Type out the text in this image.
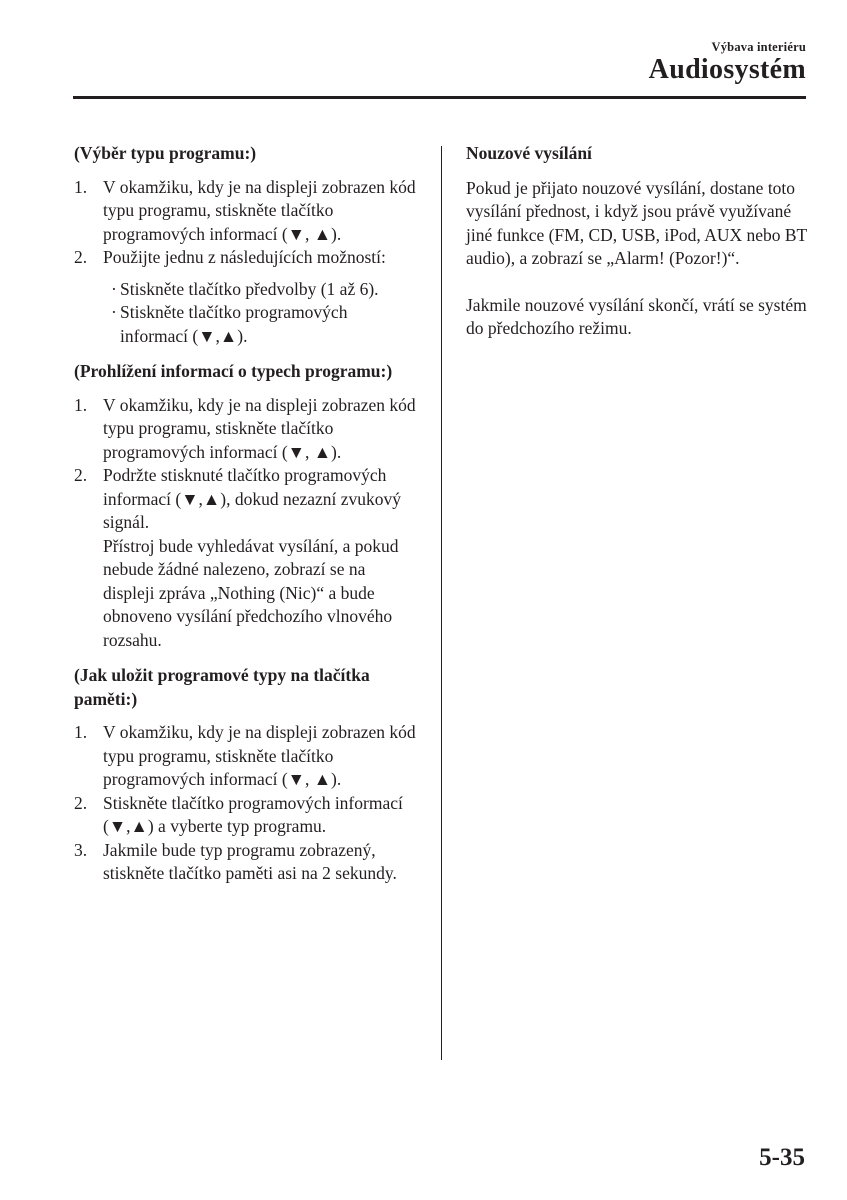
Výbava interiéru
Audiosystém
(Výběr typu programu:)
1. V okamžiku, kdy je na displeji zobrazen kód typu programu, stiskněte tlačítko programových informací (▼, ▲).
2. Použijte jednu z následujících možností:
· Stiskněte tlačítko předvolby (1 až 6).
· Stiskněte tlačítko programových informací (▼,▲).
(Prohlížení informací o typech programu:)
1. V okamžiku, kdy je na displeji zobrazen kód typu programu, stiskněte tlačítko programových informací (▼, ▲).
2. Podržte stisknuté tlačítko programových informací (▼,▲), dokud nezazní zvukový signál.
Přístroj bude vyhledávat vysílání, a pokud nebude žádné nalezeno, zobrazí se na displeji zpráva „Nothing (Nic)“ a bude obnoveno vysílání předchozího vlnového rozsahu.
(Jak uložit programové typy na tlačítka paměti:)
1. V okamžiku, kdy je na displeji zobrazen kód typu programu, stiskněte tlačítko programových informací (▼, ▲).
2. Stiskněte tlačítko programových informací (▼,▲) a vyberte typ programu.
3. Jakmile bude typ programu zobrazený, stiskněte tlačítko paměti asi na 2 sekundy.
Nouzové vysílání

Pokud je přijato nouzové vysílání, dostane toto vysílání přednost, i když jsou právě využívané jiné funkce (FM, CD, USB, iPod, AUX nebo BT audio), a zobrazí se „Alarm! (Pozor!)“.

Jakmile nouzové vysílání skončí, vrátí se systém do předchozího režimu.

5-35
